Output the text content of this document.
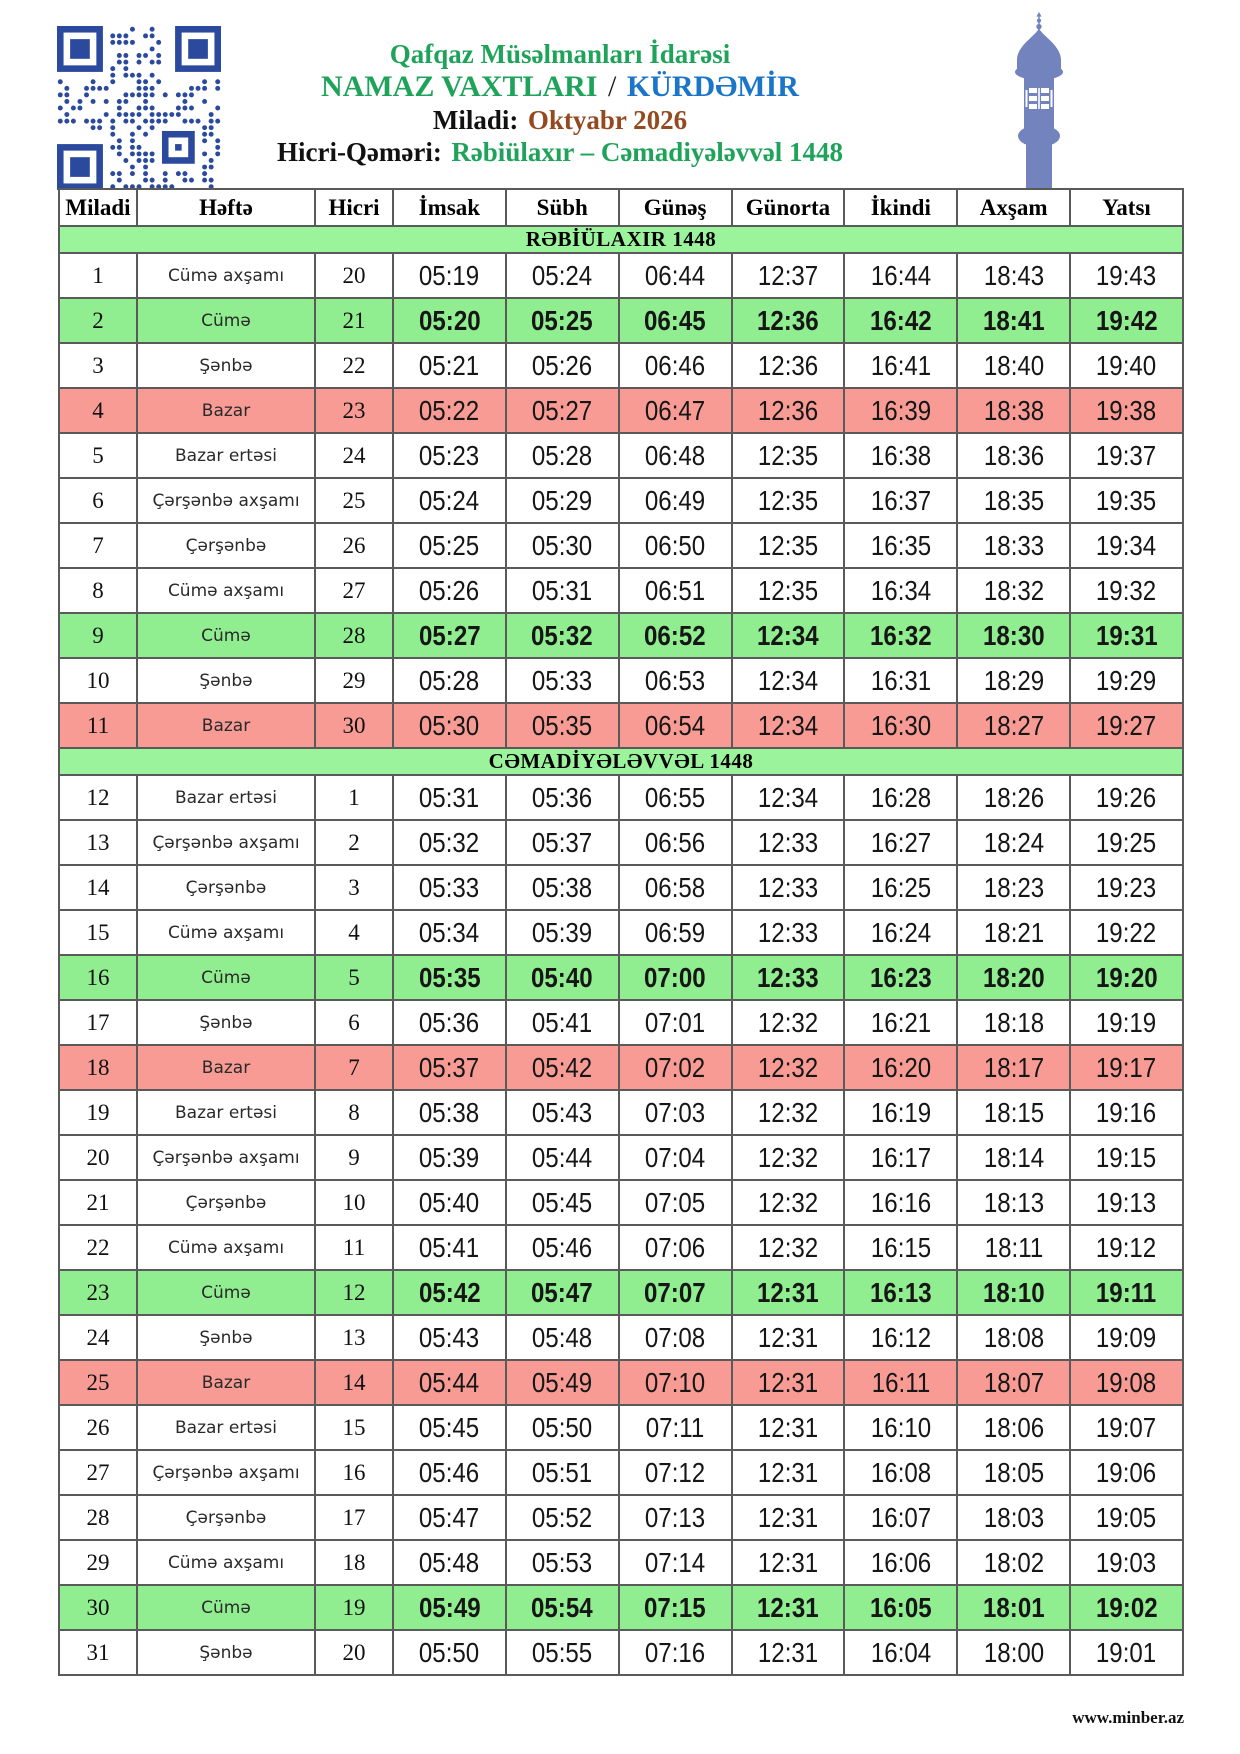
Qafqaz Müsəlmanları İdarəsi
NAMAZ VAXTLARI / KÜRDƏMİR
Miladi: Oktyabr 2026
Hicri-Qəməri: Rəbiülaxır – Cəmadiyələvvəl 1448
Miladi	Həftə	Hicri	İmsak	Sübh	Günəş	Günorta	İkindi	Axşam	Yatsı
RƏBİÜLAXIR 1448									
1	Cümə axşamı	20	05:19	05:24	06:44	12:37	16:44	18:43	19:43
2	Cümə	21	05:20	05:25	06:45	12:36	16:42	18:41	19:42
3	Şənbə	22	05:21	05:26	06:46	12:36	16:41	18:40	19:40
4	Bazar	23	05:22	05:27	06:47	12:36	16:39	18:38	19:38
5	Bazar ertəsi	24	05:23	05:28	06:48	12:35	16:38	18:36	19:37
6	Çərşənbə axşamı	25	05:24	05:29	06:49	12:35	16:37	18:35	19:35
7	Çərşənbə	26	05:25	05:30	06:50	12:35	16:35	18:33	19:34
8	Cümə axşamı	27	05:26	05:31	06:51	12:35	16:34	18:32	19:32
9	Cümə	28	05:27	05:32	06:52	12:34	16:32	18:30	19:31
10	Şənbə	29	05:28	05:33	06:53	12:34	16:31	18:29	19:29
11	Bazar	30	05:30	05:35	06:54	12:34	16:30	18:27	19:27
CƏMADİYƏLƏVVƏL 1448									
12	Bazar ertəsi	1	05:31	05:36	06:55	12:34	16:28	18:26	19:26
13	Çərşənbə axşamı	2	05:32	05:37	06:56	12:33	16:27	18:24	19:25
14	Çərşənbə	3	05:33	05:38	06:58	12:33	16:25	18:23	19:23
15	Cümə axşamı	4	05:34	05:39	06:59	12:33	16:24	18:21	19:22
16	Cümə	5	05:35	05:40	07:00	12:33	16:23	18:20	19:20
17	Şənbə	6	05:36	05:41	07:01	12:32	16:21	18:18	19:19
18	Bazar	7	05:37	05:42	07:02	12:32	16:20	18:17	19:17
19	Bazar ertəsi	8	05:38	05:43	07:03	12:32	16:19	18:15	19:16
20	Çərşənbə axşamı	9	05:39	05:44	07:04	12:32	16:17	18:14	19:15
21	Çərşənbə	10	05:40	05:45	07:05	12:32	16:16	18:13	19:13
22	Cümə axşamı	11	05:41	05:46	07:06	12:32	16:15	18:11	19:12
23	Cümə	12	05:42	05:47	07:07	12:31	16:13	18:10	19:11
24	Şənbə	13	05:43	05:48	07:08	12:31	16:12	18:08	19:09
25	Bazar	14	05:44	05:49	07:10	12:31	16:11	18:07	19:08
26	Bazar ertəsi	15	05:45	05:50	07:11	12:31	16:10	18:06	19:07
27	Çərşənbə axşamı	16	05:46	05:51	07:12	12:31	16:08	18:05	19:06
28	Çərşənbə	17	05:47	05:52	07:13	12:31	16:07	18:03	19:05
29	Cümə axşamı	18	05:48	05:53	07:14	12:31	16:06	18:02	19:03
30	Cümə	19	05:49	05:54	07:15	12:31	16:05	18:01	19:02
31	Şənbə	20	05:50	05:55	07:16	12:31	16:04	18:00	19:01
www.minber.az
